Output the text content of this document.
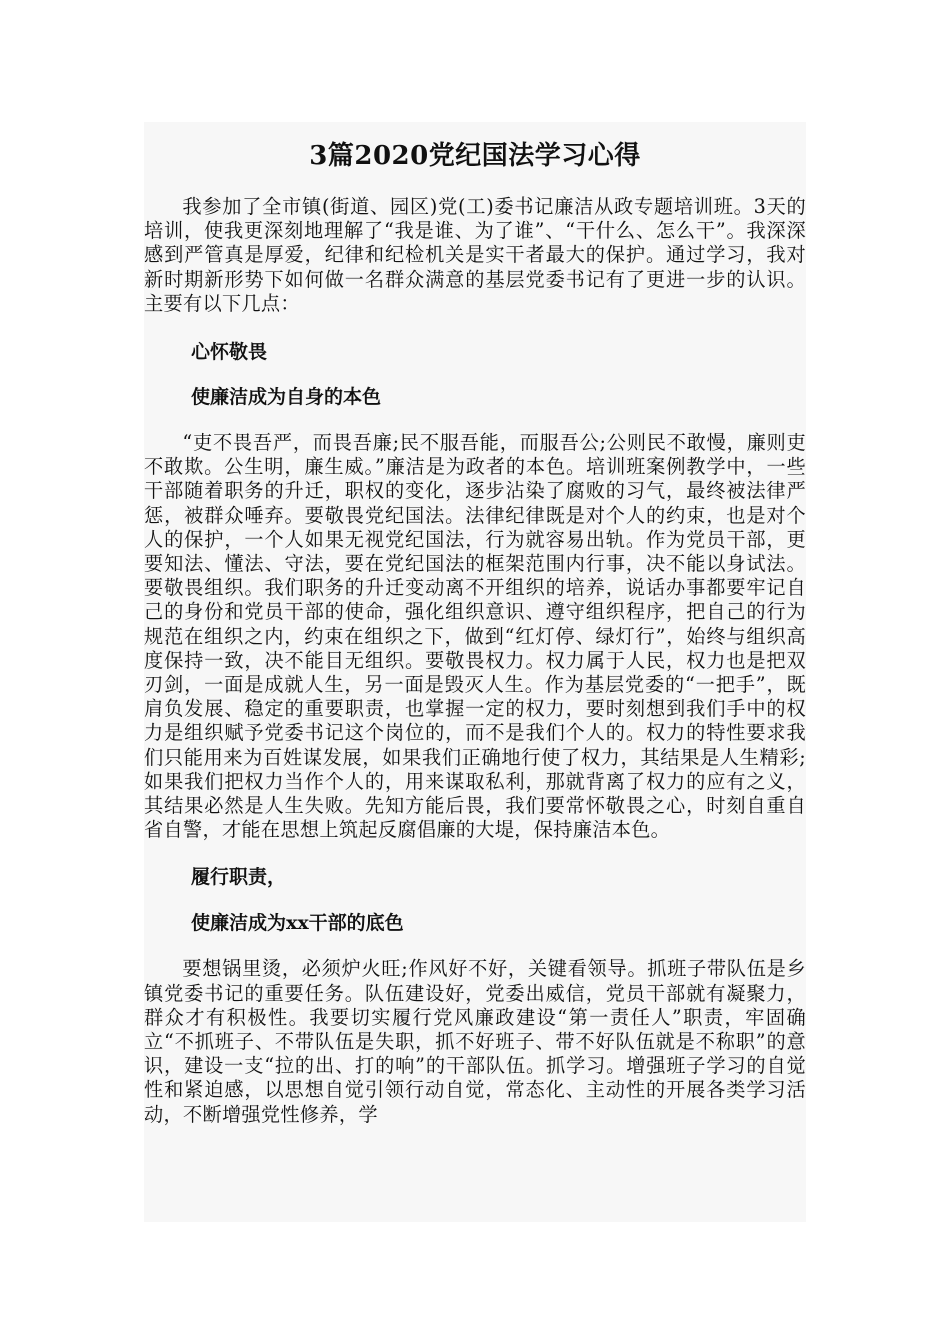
3篇2020党纪国法学习心得

我参加了全市镇(街道、园区)党(工)委书记廉洁从政专题培训班。3天的培训，使我更深刻地理解了“我是谁、为了谁”、“干什么、怎么干”。我深深感到严管真是厚爱，纪律和纪检机关是实干者最大的保护。通过学习，我对新时期新形势下如何做一名群众满意的基层党委书记有了更进一步的认识。主要有以下几点：

心怀敬畏

使廉洁成为自身的本色

“吏不畏吾严，而畏吾廉;民不服吾能，而服吾公;公则民不敢慢，廉则吏不敢欺。公生明，廉生威。”廉洁是为政者的本色。培训班案例教学中，一些干部随着职务的升迁，职权的变化，逐步沾染了腐败的习气，最终被法律严惩，被群众唾弃。要敬畏党纪国法。法律纪律既是对个人的约束，也是对个人的保护，一个人如果无视党纪国法，行为就容易出轨。作为党员干部，更要知法、懂法、守法，要在党纪国法的框架范围内行事，决不能以身试法。要敬畏组织。我们职务的升迁变动离不开组织的培养，说话办事都要牢记自己的身份和党员干部的使命，强化组织意识、遵守组织程序，把自己的行为规范在组织之内，约束在组织之下，做到“红灯停、绿灯行”，始终与组织高度保持一致，决不能目无组织。要敬畏权力。权力属于人民，权力也是把双刃剑，一面是成就人生，另一面是毁灭人生。作为基层党委的“一把手”，既肩负发展、稳定的重要职责，也掌握一定的权力，要时刻想到我们手中的权力是组织赋予党委书记这个岗位的，而不是我们个人的。权力的特性要求我们只能用来为百姓谋发展，如果我们正确地行使了权力，其结果是人生精彩;如果我们把权力当作个人的，用来谋取私利，那就背离了权力的应有之义，其结果必然是人生失败。先知方能后畏，我们要常怀敬畏之心，时刻自重自省自警，才能在思想上筑起反腐倡廉的大堤，保持廉洁本色。

履行职责，

使廉洁成为xx干部的底色

要想锅里烫，必须炉火旺;作风好不好，关键看领导。抓班子带队伍是乡镇党委书记的重要任务。队伍建设好，党委出威信，党员干部就有凝聚力，群众才有积极性。我要切实履行党风廉政建设“第一责任人”职责，牢固确立“不抓班子、不带队伍是失职，抓不好班子、带不好队伍就是不称职”的意识，建设一支“拉的出、打的响”的干部队伍。抓学习。增强班子学习的自觉性和紧迫感，以思想自觉引领行动自觉，常态化、主动性的开展各类学习活动，不断增强党性修养，学
